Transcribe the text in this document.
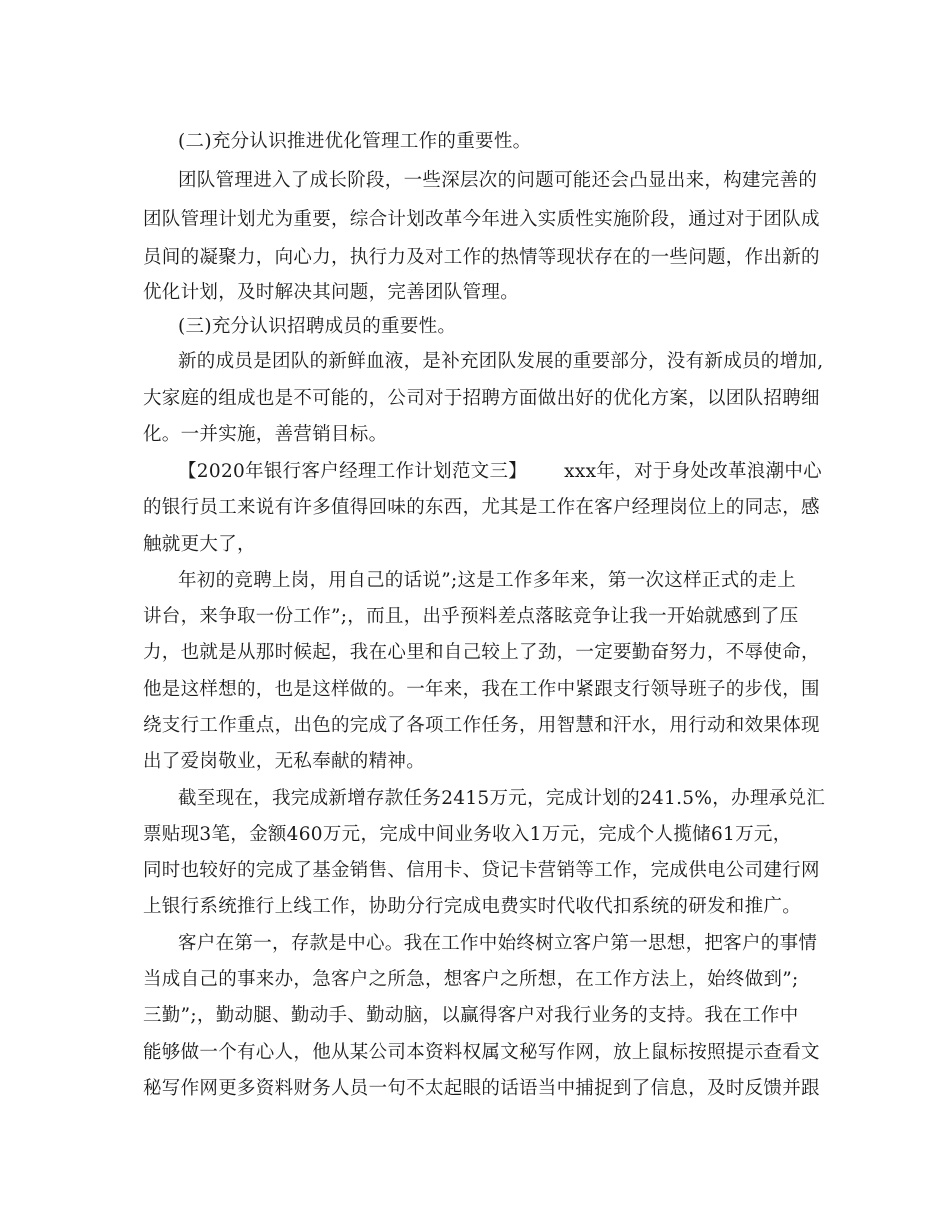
(二)充分认识推进优化管理工作的重要性。
团队管理进入了成长阶段，一些深层次的问题可能还会凸显出来，构建完善的
团队管理计划尤为重要，综合计划改革今年进入实质性实施阶段，通过对于团队成
员间的凝聚力，向心力，执行力及对工作的热情等现状存在的一些问题，作出新的
优化计划，及时解决其问题，完善团队管理。
(三)充分认识招聘成员的重要性。
新的成员是团队的新鲜血液，是补充团队发展的重要部分，没有新成员的增加,
大家庭的组成也是不可能的，公司对于招聘方面做出好的优化方案，以团队招聘细
化。一并实施，善营销目标。
【2020年银行客户经理工作计划范文三】      xxx年，对于身处改革浪潮中心
的银行员工来说有许多值得回味的东西，尤其是工作在客户经理岗位上的同志，感
触就更大了，
年初的竞聘上岗，用自己的话说”;这是工作多年来，第一次这样正式的走上
讲台，来争取一份工作”;，而且，出乎预料差点落眩竞争让我一开始就感到了压
力，也就是从那时候起，我在心里和自己较上了劲，一定要勤奋努力，不辱使命，
他是这样想的，也是这样做的。一年来，我在工作中紧跟支行领导班子的步伐，围
绕支行工作重点，出色的完成了各项工作任务，用智慧和汗水，用行动和效果体现
出了爱岗敬业，无私奉献的精神。
截至现在，我完成新增存款任务2415万元，完成计划的241.5%，办理承兑汇
票贴现3笔，金额460万元，完成中间业务收入1万元，完成个人揽储61万元，
同时也较好的完成了基金销售、信用卡、贷记卡营销等工作，完成供电公司建行网
上银行系统推行上线工作，协助分行完成电费实时代收代扣系统的研发和推广。
客户在第一，存款是中心。我在工作中始终树立客户第一思想，把客户的事情
当成自己的事来办，急客户之所急，想客户之所想，在工作方法上，始终做到”;
三勤”;，勤动腿、勤动手、勤动脑，以赢得客户对我行业务的支持。我在工作中
能够做一个有心人，他从某公司本资料权属文秘写作网，放上鼠标按照提示查看文
秘写作网更多资料财务人员一句不太起眼的话语当中捕捉到了信息，及时反馈并跟
